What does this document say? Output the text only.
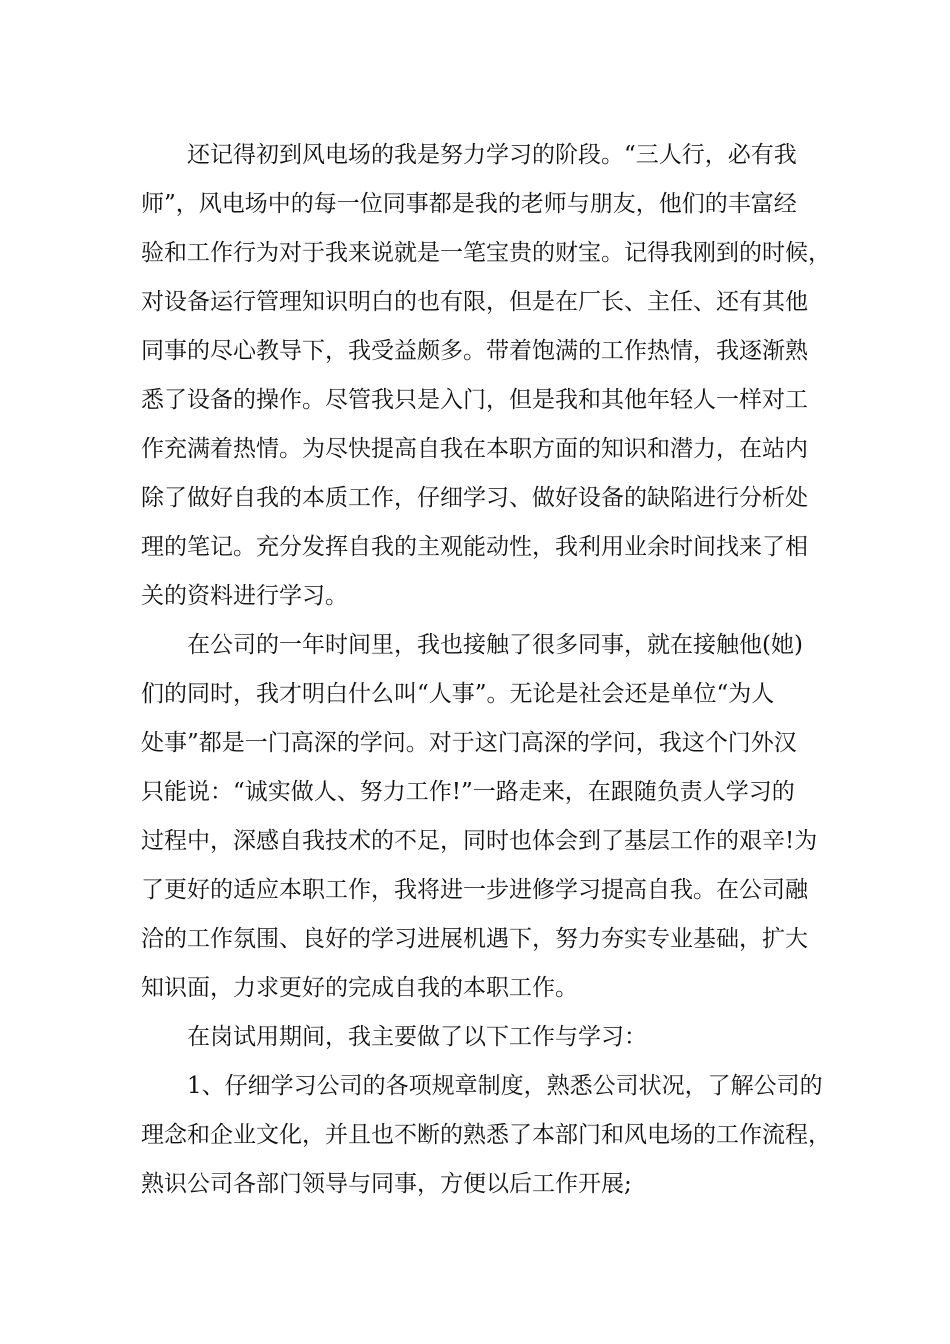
还记得初到风电场的我是努力学习的阶段。“三人行，必有我
师”，风电场中的每一位同事都是我的老师与朋友，他们的丰富经
验和工作行为对于我来说就是一笔宝贵的财宝。记得我刚到的时候，
对设备运行管理知识明白的也有限，但是在厂长、主任、还有其他
同事的尽心教导下，我受益颇多。带着饱满的工作热情，我逐渐熟
悉了设备的操作。尽管我只是入门，但是我和其他年轻人一样对工
作充满着热情。为尽快提高自我在本职方面的知识和潜力，在站内
除了做好自我的本质工作，仔细学习、做好设备的缺陷进行分析处
理的笔记。充分发挥自我的主观能动性，我利用业余时间找来了相
关的资料进行学习。
在公司的一年时间里，我也接触了很多同事，就在接触他(她)
们的同时，我才明白什么叫“人事”。无论是社会还是单位“为人
处事”都是一门高深的学问。对于这门高深的学问，我这个门外汉
只能说：“诚实做人、努力工作!”一路走来，在跟随负责人学习的
过程中，深感自我技术的不足，同时也体会到了基层工作的艰辛!为
了更好的适应本职工作，我将进一步进修学习提高自我。在公司融
洽的工作氛围、良好的学习进展机遇下，努力夯实专业基础，扩大
知识面，力求更好的完成自我的本职工作。
在岗试用期间，我主要做了以下工作与学习：
1、仔细学习公司的各项规章制度，熟悉公司状况，了解公司的
理念和企业文化，并且也不断的熟悉了本部门和风电场的工作流程，
熟识公司各部门领导与同事，方便以后工作开展;
